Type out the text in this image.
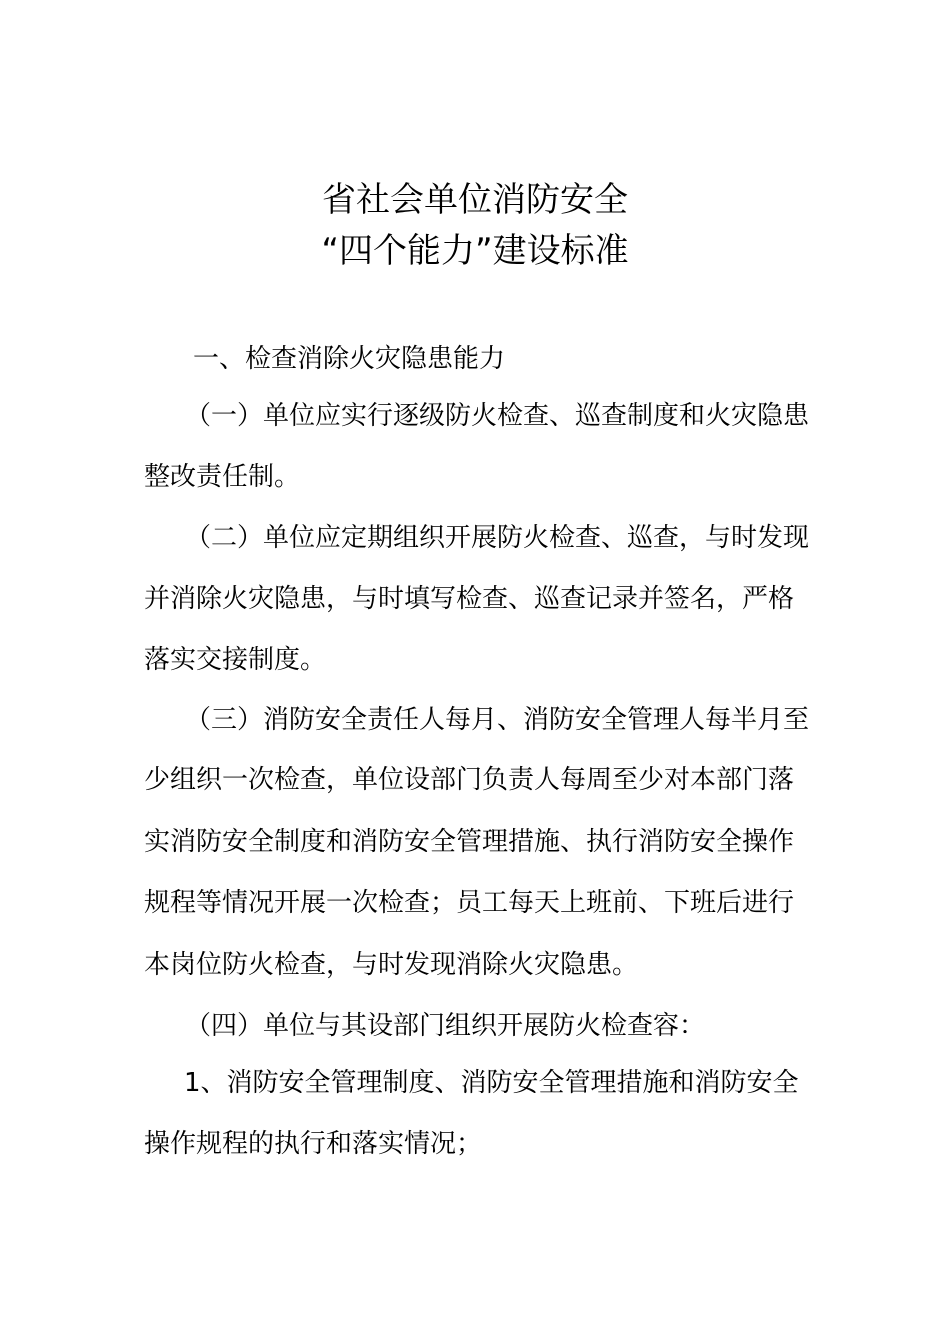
省社会单位消防安全
“四个能力”建设标准

一、检查消除火灾隐患能力

（一）单位应实行逐级防火检查、巡查制度和火灾隐患

整改责任制。

（二）单位应定期组织开展防火检查、巡查，与时发现

并消除火灾隐患，与时填写检查、巡查记录并签名，严格

落实交接制度。

（三）消防安全责任人每月、消防安全管理人每半月至

少组织一次检查，单位设部门负责人每周至少对本部门落

实消防安全制度和消防安全管理措施、执行消防安全操作

规程等情况开展一次检查；员工每天上班前、下班后进行

本岗位防火检查，与时发现消除火灾隐患。

（四）单位与其设部门组织开展防火检查容：

1、消防安全管理制度、消防安全管理措施和消防安全

操作规程的执行和落实情况；
